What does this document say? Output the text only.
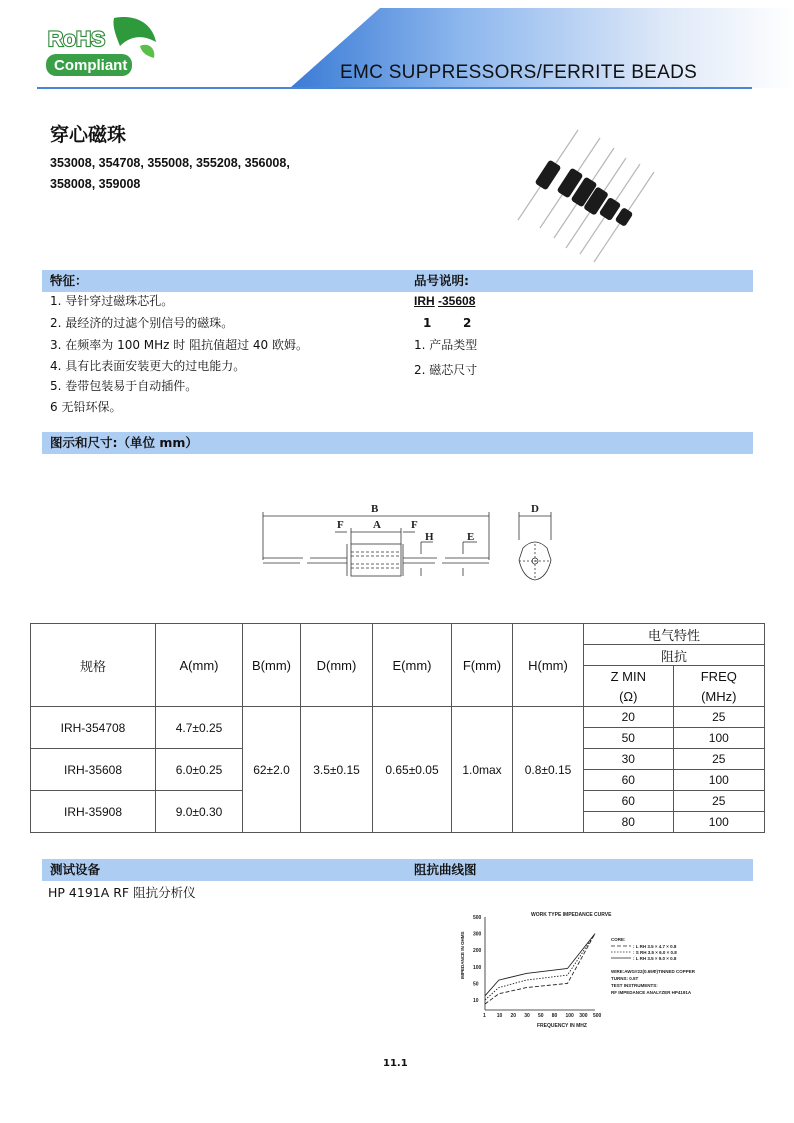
EMC SUPPRESSORS/FERRITE BEADS
RoHS
Compliant
穿心磁珠
353008, 354708, 355008, 355208, 356008,
358008, 359008
特征：	品号说明:
1. 导针穿过磁珠芯孔。
2. 最经济的过滤个别信号的磁珠。
3. 在频率为 100 MHz 时 阻抗值超过 40 欧姆。
4. 具有比表面安装更大的过电能力。
5. 卷带包装易于自动插件。
6 无铅环保。
IRH -35608
1	2
1. 产品类型
2. 磁芯尺寸
图示和尺寸:（单位 mm）
B
A
F	F
H	E
D
规格	A(mm)	B(mm)	D(mm)	E(mm)	F(mm)	H(mm)	电气特性	
							阻抗	
							Z MIN	FREQ
							(Ω)	(MHz)
IRH-354708	4.7±0.25	62±2.0	3.5±0.15	0.65±0.05	1.0max	0.8±0.15	20	25
							50	100
IRH-35608	6.0±0.25						30	25
							60	100
IRH-35908	9.0±0.30						60	25
							80	100
测试设备	阻抗曲线图
HP 4191A RF 阻抗分析仪
1 10 20 30 50 80 100 300 500
500
300
200
100
50
10
WORK TYPE IMPEDANCE CURVE
FREQUENCY IN MHZ
IMPEDANCE IN OHMS	CORE:
: L RH 3.5 × 4.7 × 0.8
: S RH 3.5 × 6.0 × 0.8
: L RH 3.5 × 9.0 × 0.8
WIRE:AWG#22(0.65Φ)TINNED COPPER
TURNS: 0.5T
TEST INSTRUMENTS:
RF IMPEDANCE ANALYZER HP4191A
11.1
